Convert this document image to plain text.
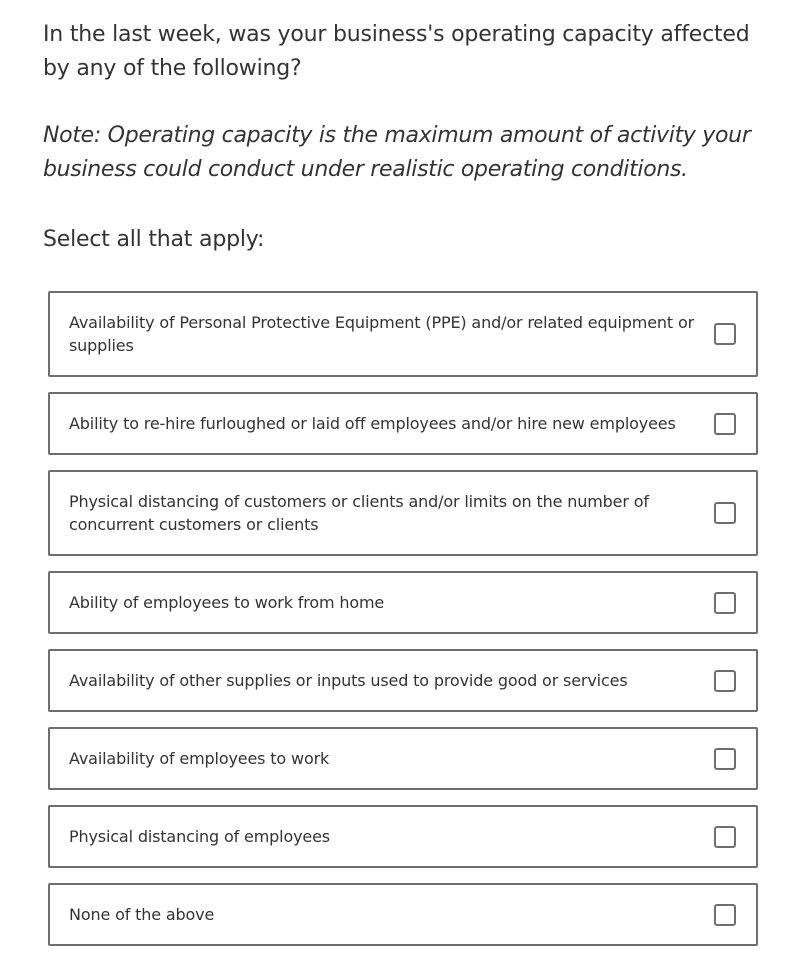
In the last week, was your business's operating capacity affected by any of the following?

Note: Operating capacity is the maximum amount of activity your business could conduct under realistic operating conditions.

Select all that apply:

Availability of Personal Protective Equipment (PPE) and/or related equipment or supplies
Ability to re-hire furloughed or laid off employees and/or hire new employees
Physical distancing of customers or clients and/or limits on the number of concurrent customers or clients
Ability of employees to work from home
Availability of other supplies or inputs used to provide good or services
Availability of employees to work
Physical distancing of employees
None of the above
